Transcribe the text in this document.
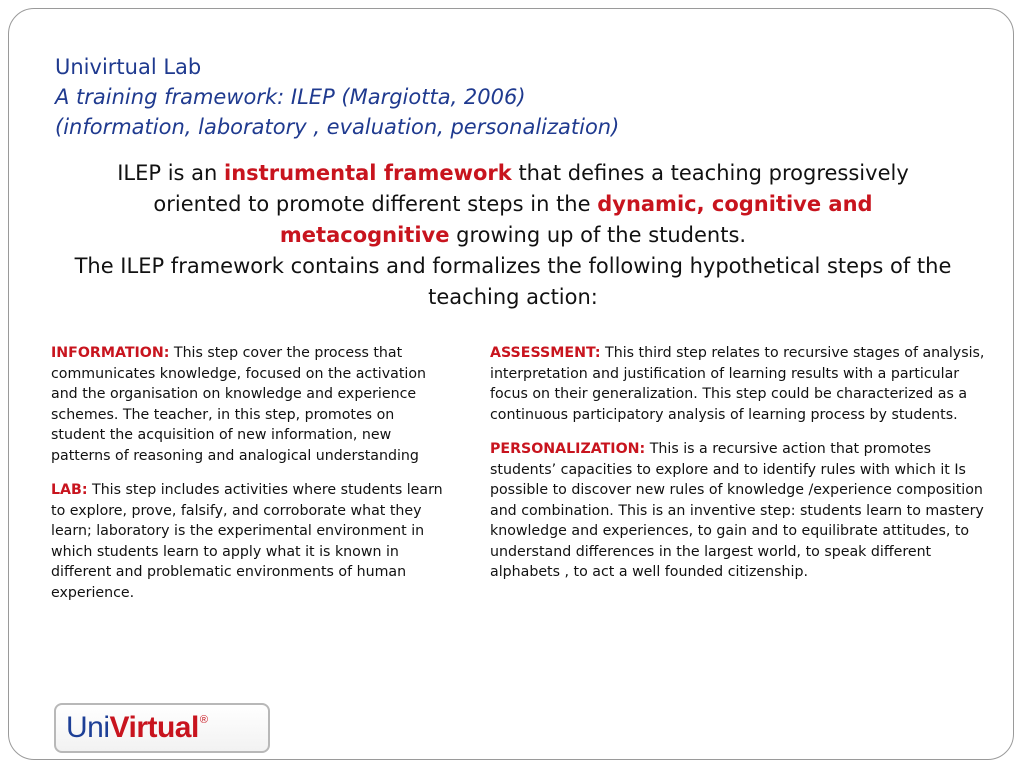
Univirtual Lab
A training framework: ILEP (Margiotta, 2006)
(information, laboratory , evaluation, personalization)
ILEP is an instrumental framework that defines a teaching progressively oriented to promote different steps in the dynamic, cognitive and metacognitive growing up of the students.
The ILEP framework contains and formalizes the following hypothetical steps of the teaching action:

INFORMATION: This step cover the process that communicates knowledge, focused on the activation and the organisation on knowledge and experience schemes. The teacher, in this step, promotes on student the acquisition of new information, new patterns of reasoning and analogical understanding

LAB: This step includes activities where students learn to explore, prove, falsify, and corroborate what they learn; laboratory is the experimental environment in which students learn to apply what it is known in different and problematic environments of human experience.

ASSESSMENT: This third step relates to recursive stages of analysis, interpretation and justification of learning results with a particular focus on their generalization. This step could be characterized as a continuous participatory analysis of learning process by students.

PERSONALIZATION: This is a recursive action that promotes students’ capacities to explore and to identify rules with which it Is possible to discover new rules of knowledge /experience composition and combination. This is an inventive step: students learn to mastery knowledge and experiences, to gain and to equilibrate attitudes, to understand differences in the largest world, to speak different alphabets , to act a well founded citizenship.

Uni Virtual ®
